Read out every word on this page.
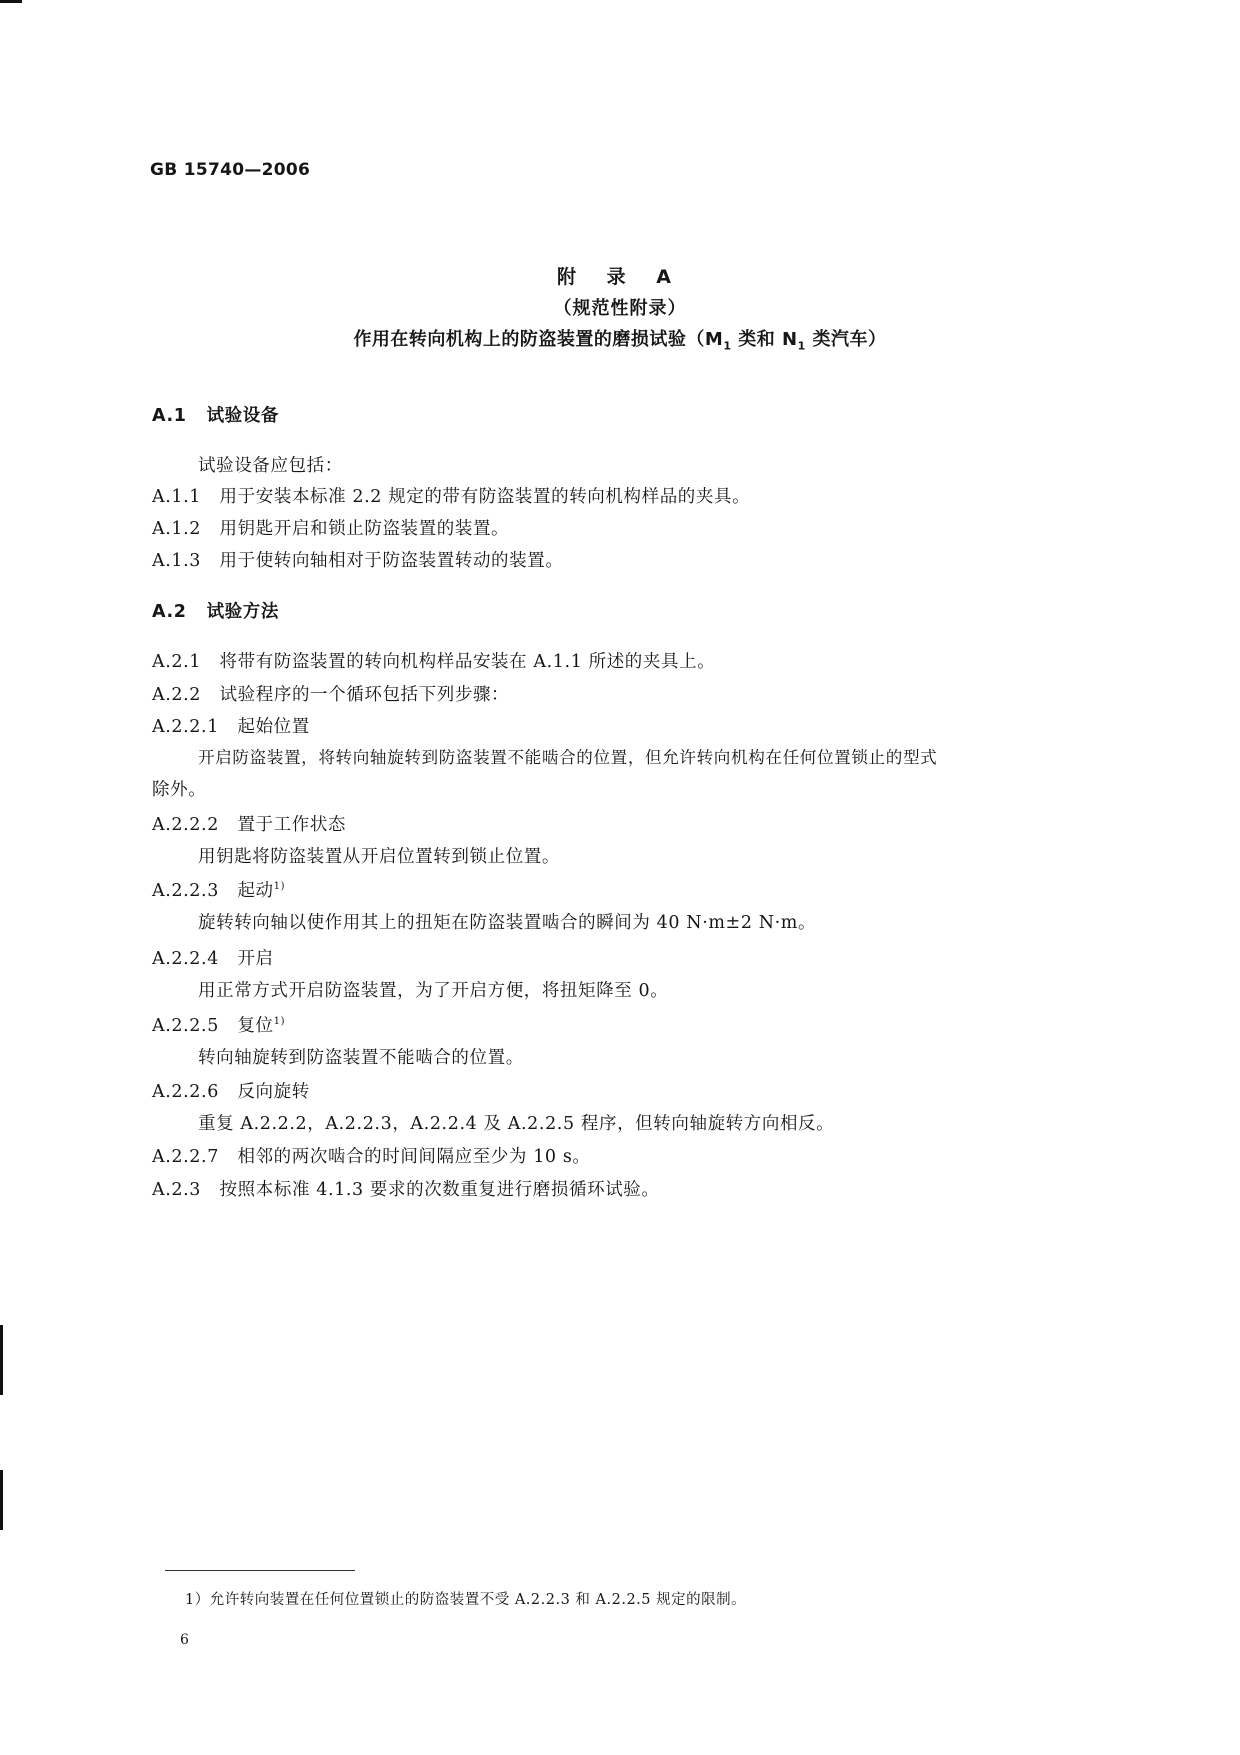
GB 15740—2006
附 录 A
（规范性附录）
作用在转向机构上的防盗装置的磨损试验（$M_1$ 类和 $N_1$ 类汽车）
A.1 试验设备
试验设备应包括：
A.1.1 用于安装本标准 2.2 规定的带有防盗装置的转向机构样品的夹具。
A.1.2 用钥匙开启和锁止防盗装置的装置。
A.1.3 用于使转向轴相对于防盗装置转动的装置。
A.2 试验方法
A.2.1 将带有防盗装置的转向机构样品安装在 A.1.1 所述的夹具上。
A.2.2 试验程序的一个循环包括下列步骤：
A.2.2.1 起始位置
开启防盗装置，将转向轴旋转到防盗装置不能啮合的位置，但允许转向机构在任何位置锁止的型式
除外。
A.2.2.2 置于工作状态
用钥匙将防盗装置从开启位置转到锁止位置。
A.2.2.3 起动$^{1)}$
旋转转向轴以使作用其上的扭矩在防盗装置啮合的瞬间为 40 N·m±2 N·m。
A.2.2.4 开启
用正常方式开启防盗装置，为了开启方便，将扭矩降至 0。
A.2.2.5 复位$^{1)}$
转向轴旋转到防盗装置不能啮合的位置。
A.2.2.6 反向旋转
重复 A.2.2.2，A.2.2.3，A.2.2.4 及 A.2.2.5 程序，但转向轴旋转方向相反。
A.2.2.7 相邻的两次啮合的时间间隔应至少为 10 s。
A.2.3 按照本标准 4.1.3 要求的次数重复进行磨损循环试验。
1）允许转向装置在任何位置锁止的防盗装置不受 A.2.2.3 和 A.2.2.5 规定的限制。
6
